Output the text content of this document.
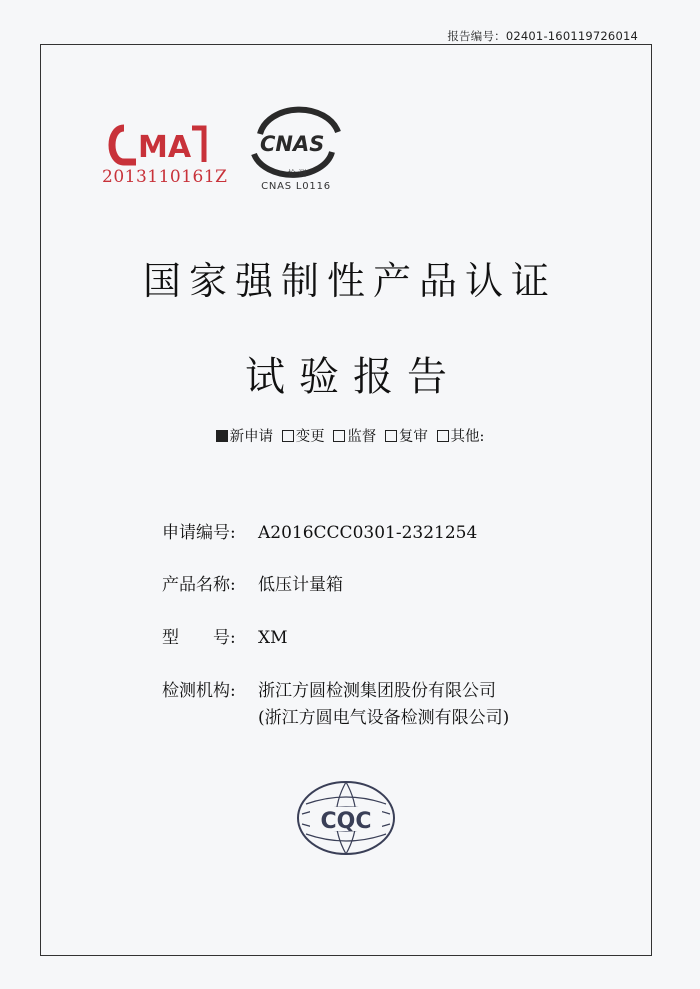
报告编号：02401-160119726014
MA
2013110161Z
CNAS
检 测
CNAS L0116
国家强制性产品认证
试验报告
新申请 变更 监督 复审 其他:
申请编号: A2016CCC0301-2321254
产品名称: 低压计量箱
型　　号: XM
检测机构: 浙江方圆检测集团股份有限公司
(浙江方圆电气设备检测有限公司)
CQC
